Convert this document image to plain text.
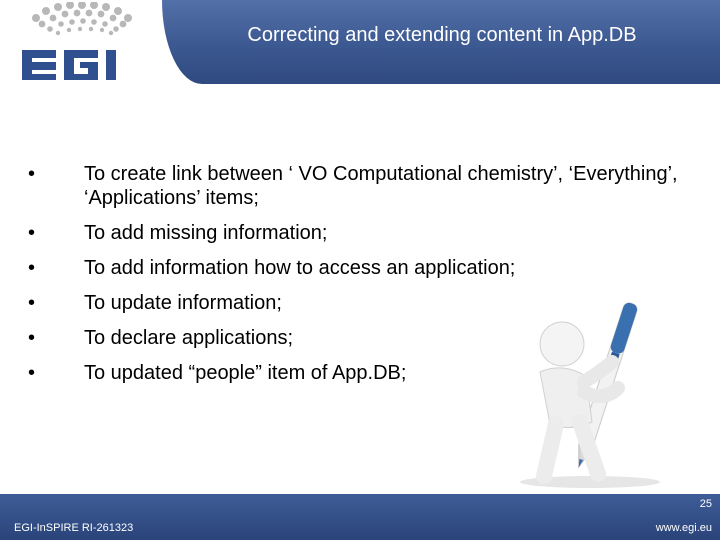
Correcting and extending content in App.DB
•	To create link between ‘ VO Computational chemistry’, ‘Everything’, ‘Applications’ items;
•	To add missing information;
•	To add information how to access an application;
•	To update information;
•	To declare applications;
•	To updated “people” item of App.DB;
EGI-InSPIRE RI-261323
25
www.egi.eu
